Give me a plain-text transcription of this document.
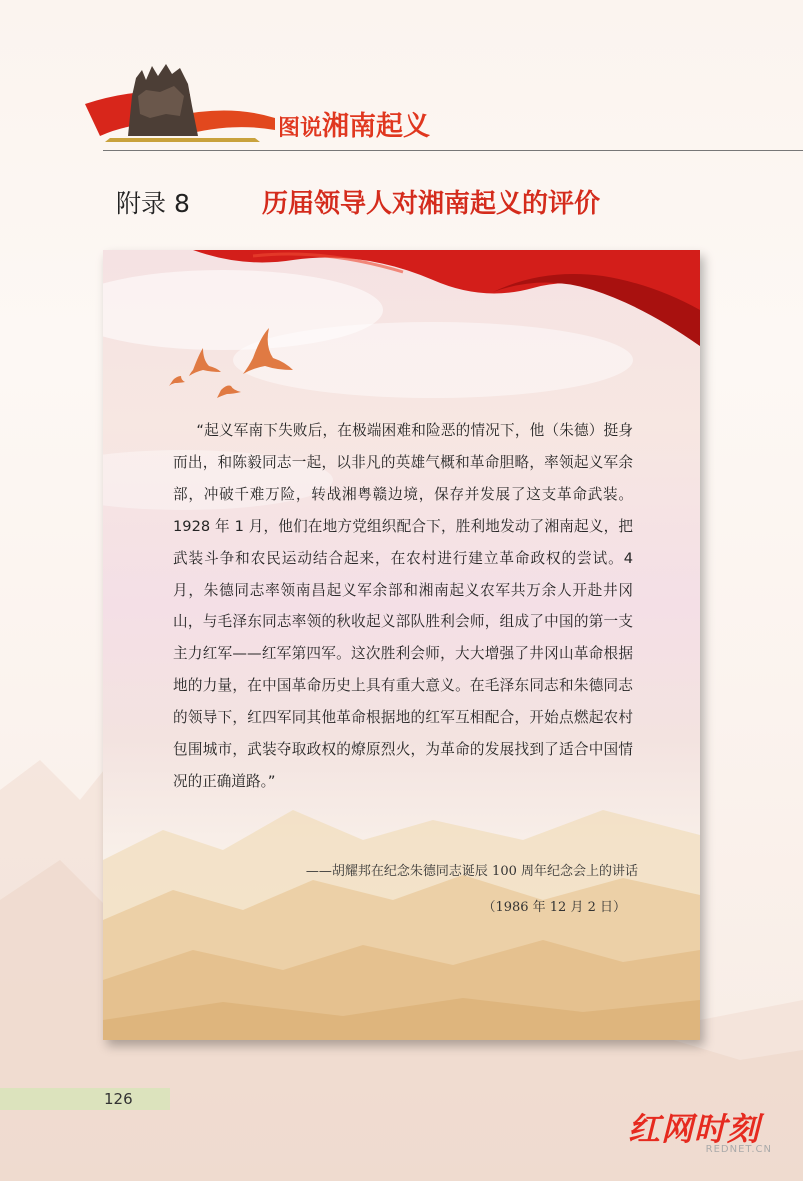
图说湘南起义
附录 8	历届领导人对湘南起义的评价

“起义军南下失败后，在极端困难和险恶的情况下，他（朱德）挺身而出，和陈毅同志一起，以非凡的英雄气概和革命胆略，率领起义军余部，冲破千难万险，转战湘粤赣边境，保存并发展了这支革命武装。1928 年 1 月，他们在地方党组织配合下，胜利地发动了湘南起义，把武装斗争和农民运动结合起来，在农村进行建立革命政权的尝试。4 月，朱德同志率领南昌起义军余部和湘南起义农军共万余人开赴井冈山，与毛泽东同志率领的秋收起义部队胜利会师，组成了中国的第一支主力红军——红军第四军。这次胜利会师，大大增强了井冈山革命根据地的力量，在中国革命历史上具有重大意义。在毛泽东同志和朱德同志的领导下，红四军同其他革命根据地的红军互相配合，开始点燃起农村包围城市，武装夺取政权的燎原烈火，为革命的发展找到了适合中国情况的正确道路。”

——胡耀邦在纪念朱德同志诞辰 100 周年纪念会上的讲话

（1986 年 12 月 2 日）

126
红网时刻
REDNET.CN
